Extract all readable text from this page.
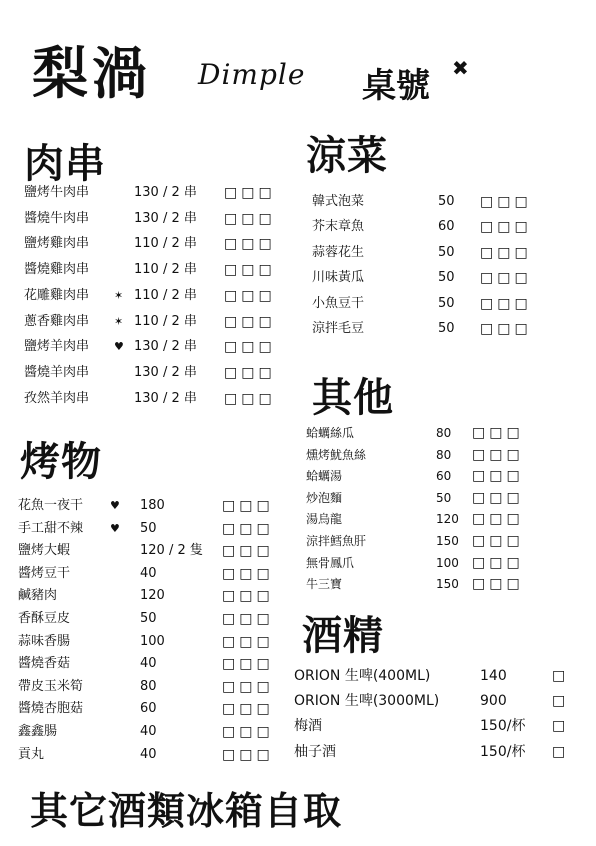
梨渦 Dimple 桌號 ✖
肉串
烤物
涼菜
其他
酒精
鹽烤牛肉串	130 / 2 串 □□□
醬燒牛肉串	130 / 2 串 □□□
鹽烤雞肉串	110 / 2 串 □□□
醬燒雞肉串	110 / 2 串 □□□
花雕雞肉串 ✶ 110 / 2 串 □□□
蔥香雞肉串 ✶ 110 / 2 串 □□□
鹽烤羊肉串 ♥ 130 / 2 串 □□□
醬燒羊肉串	130 / 2 串 □□□
孜然羊肉串	130 / 2 串 □□□
花魚一夜干 ♥ 180	□□□
手工甜不辣 ♥ 50	□□□
鹽烤大蝦	120 / 2 隻 □□□
醬烤豆干	40	□□□
鹹豬肉	120	□□□
香酥豆皮	50	□□□
蒜味香腸	100	□□□
醬燒香菇	40	□□□
帶皮玉米筍	80	□□□
醬燒杏胞菇	60	□□□
鑫鑫腸	40	□□□
貢丸	40	□□□
韓式泡菜	50 □□□
芥末章魚	60 □□□
蒜蓉花生	50 □□□
川味黃瓜	50 □□□
小魚豆干	50 □□□
涼拌毛豆	50 □□□
蛤蠣絲瓜	80 □□□
燻烤魷魚絲	80 □□□
蛤蠣湯	60 □□□
炒泡麵	50 □□□
湯烏龍	120 □□□
涼拌鱈魚肝	150 □□□
無骨鳳爪	100 □□□
牛三寶	150 □□□
ORION 生啤(400ML)	140	□
ORION 生啤(3000ML)	900	□
梅酒	150/杯 □
柚子酒	150/杯 □
其它酒類冰箱自取
